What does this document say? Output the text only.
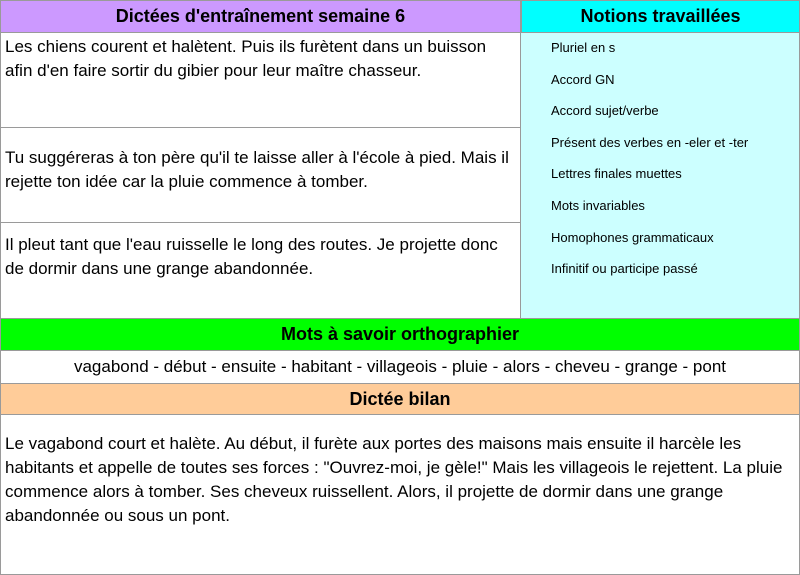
Dictées d'entraînement semaine 6	Notions travaillées
Les chiens courent et halètent. Puis ils furètent dans un buisson afin d'en faire sortir du gibier pour leur maître chasseur.
Tu suggéreras à ton père qu'il te laisse aller à l'école à pied. Mais il rejette ton idée car la pluie commence à tomber.
Il pleut tant que l'eau ruisselle le long des routes. Je projette donc de dormir dans une grange abandonnée.
Pluriel en s
Accord GN
Accord sujet/verbe
Présent des verbes en -eler et -ter
Lettres finales muettes
Mots invariables
Homophones grammaticaux
Infinitif ou participe passé
Mots à savoir orthographier
vagabond - début - ensuite - habitant - villageois - pluie - alors - cheveu - grange - pont
Dictée bilan
Le vagabond court et halète. Au début, il furète aux portes des maisons mais ensuite il harcèle les habitants et appelle de toutes ses forces : "Ouvrez-moi, je gèle!" Mais les villageois le rejettent. La pluie commence alors à tomber. Ses cheveux ruissellent. Alors, il projette de dormir dans une grange abandonnée ou sous un pont.
